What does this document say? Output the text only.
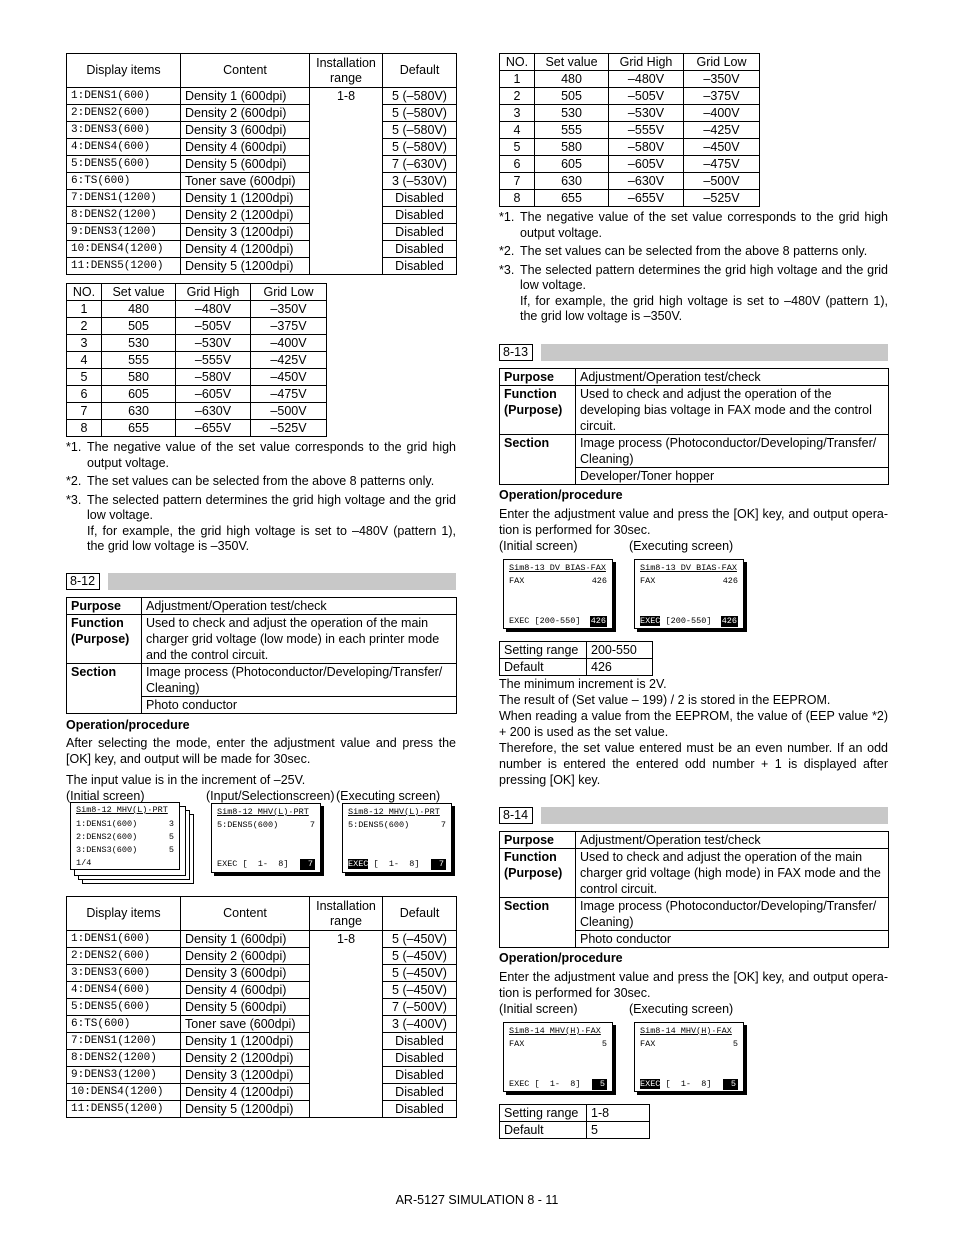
Display items	Content	Installation range	Default
1:DENS1(600)	Density 1 (600dpi)	1-8	5 (–580V)
2:DENS2(600)	Density 2 (600dpi)		5 (–580V)
3:DENS3(600)	Density 3 (600dpi)		5 (–580V)
4:DENS4(600)	Density 4 (600dpi)		5 (–580V)
5:DENS5(600)	Density 5 (600dpi)		7 (–630V)
6:TS(600)	Toner save (600dpi)		3 (–530V)
7:DENS1(1200)	Density 1 (1200dpi)		Disabled
8:DENS2(1200)	Density 2 (1200dpi)		Disabled
9:DENS3(1200)	Density 3 (1200dpi)		Disabled
10:DENS4(1200)	Density 4 (1200dpi)		Disabled
11:DENS5(1200)	Density 5 (1200dpi)		Disabled
NO.	Set value	Grid High	Grid Low
1	480	–480V	–350V
2	505	–505V	–375V
3	530	–530V	–400V
4	555	–555V	–425V
5	580	–580V	–450V
6	605	–605V	–475V
7	630	–630V	–500V
8	655	–655V	–525V
*1. The negative value of the set value corresponds to the grid high output voltage.
*2. The set values can be selected from the above 8 patterns only.
*3. The selected pattern determines the grid high voltage and the grid low voltage.
If, for example, the grid high voltage is set to –480V (pattern 1), the grid low voltage is –350V.
8-12
Purpose	Adjustment/Operation test/check
Function (Purpose)	Used to check and adjust the operation of the main charger grid voltage (low mode) in each printer mode and the control circuit.
Section	Image process (Photoconductor/Developing/Transfer/ Cleaning)
	Photo conductor
Operation/procedure
After selecting the mode, enter the adjustment value and press the [OK] key, and output will be made for 30sec.
The input value is in the increment of –25V.
(Initial screen)	(Input/Selectionscreen) (Executing screen)
Sim8-12 MHV(L)·PRT
1:DENS1(600)	3
2:DENS2(600)	5
3:DENS3(600)	5
1/4
Sim8-12 MHV(L)·PRT
5:DENS5(600)	7
EXEC [  1-  8]	7
Sim8-12 MHV(L)·PRT
5:DENS5(600)	7
EXEC [  1-  8]	7
Display items	Content	Installation range	Default
1:DENS1(600)	Density 1 (600dpi)	1-8	5 (–450V)
2:DENS2(600)	Density 2 (600dpi)		5 (–450V)
3:DENS3(600)	Density 3 (600dpi)		5 (–450V)
4:DENS4(600)	Density 4 (600dpi)		5 (–450V)
5:DENS5(600)	Density 5 (600dpi)		7 (–500V)
6:TS(600)	Toner save (600dpi)		3 (–400V)
7:DENS1(1200)	Density 1 (1200dpi)		Disabled
8:DENS2(1200)	Density 2 (1200dpi)		Disabled
9:DENS3(1200)	Density 3 (1200dpi)		Disabled
10:DENS4(1200)	Density 4 (1200dpi)		Disabled
11:DENS5(1200)	Density 5 (1200dpi)		Disabled
NO.	Set value	Grid High	Grid Low
1	480	–480V	–350V
2	505	–505V	–375V
3	530	–530V	–400V
4	555	–555V	–425V
5	580	–580V	–450V
6	605	–605V	–475V
7	630	–630V	–500V
8	655	–655V	–525V
*1. The negative value of the set value corresponds to the grid high output voltage.
*2. The set values can be selected from the above 8 patterns only.
*3. The selected pattern determines the grid high voltage and the grid low voltage.
If, for example, the grid high voltage is set to –480V (pattern 1), the grid low voltage is –350V.
8-13
Purpose	Adjustment/Operation test/check
Function (Purpose)	Used to check and adjust the operation of the developing bias voltage in FAX mode and the control circuit.
Section	Image process (Photoconductor/Developing/Transfer/ Cleaning)
	Developer/Toner hopper
Operation/procedure
Enter the adjustment value and press the [OK] key, and output opera-tion is performed for 30sec.
(Initial screen)	(Executing screen)
Sim8-13 DV BIAS·FAX
FAX	426
EXEC [200-550] 426
Sim8-13 DV BIAS·FAX
FAX	426
EXEC [200-550] 426
Setting range	200-550
Default	426
The minimum increment is 2V.
The result of (Set value – 199) / 2 is stored in the EEPROM.
When reading a value from the EEPROM, the value of (EEP value *2) + 200 is used as the set value.
Therefore, the set value entered must be an even number. If an odd number is entered the entered odd number + 1 is displayed after pressing [OK] key.
8-14
Purpose	Adjustment/Operation test/check
Function (Purpose)	Used to check and adjust the operation of the main charger grid voltage (high mode) in FAX mode and the control circuit.
Section	Image process (Photoconductor/Developing/Transfer/ Cleaning)
	Photo conductor
Operation/procedure
Enter the adjustment value and press the [OK] key, and output opera-tion is performed for 30sec.
(Initial screen)	(Executing screen)
Sim8-14 MHV(H)·FAX
FAX	5
EXEC [  1-  8]	5
Sim8-14 MHV(H)·FAX
FAX	5
EXEC [  1-  8]	5
Setting range	1-8
Default	5
AR-5127 SIMULATION 8 - 11
